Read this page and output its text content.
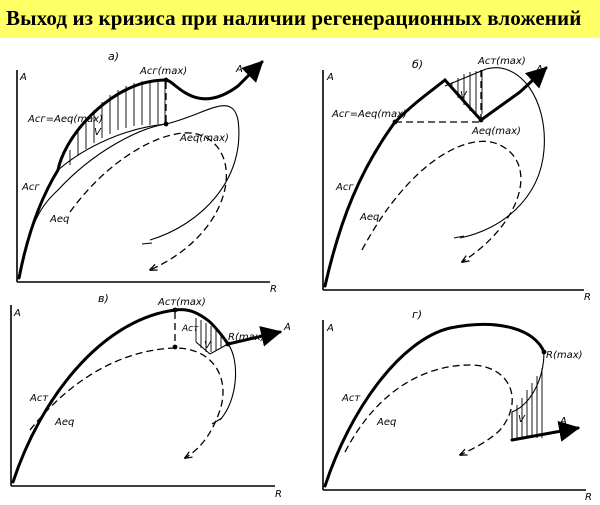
Выход из кризиса при наличии регенерационных вложений
A
R
а)
Aсг(max)
Aeq(max)
Aсг=Aeq(max)
V
Aсг
Aeq
A
A
R
б)	Aст(max)
Aeq(max)
Aсг=Aeq(max)
V
Aсг
Aeq
A
A
R
в)	Aст(max)
Aст
R(max)
V
Aст
Aeq
A	A
R
г)
R(max)
V
Aст
Aeq	A
